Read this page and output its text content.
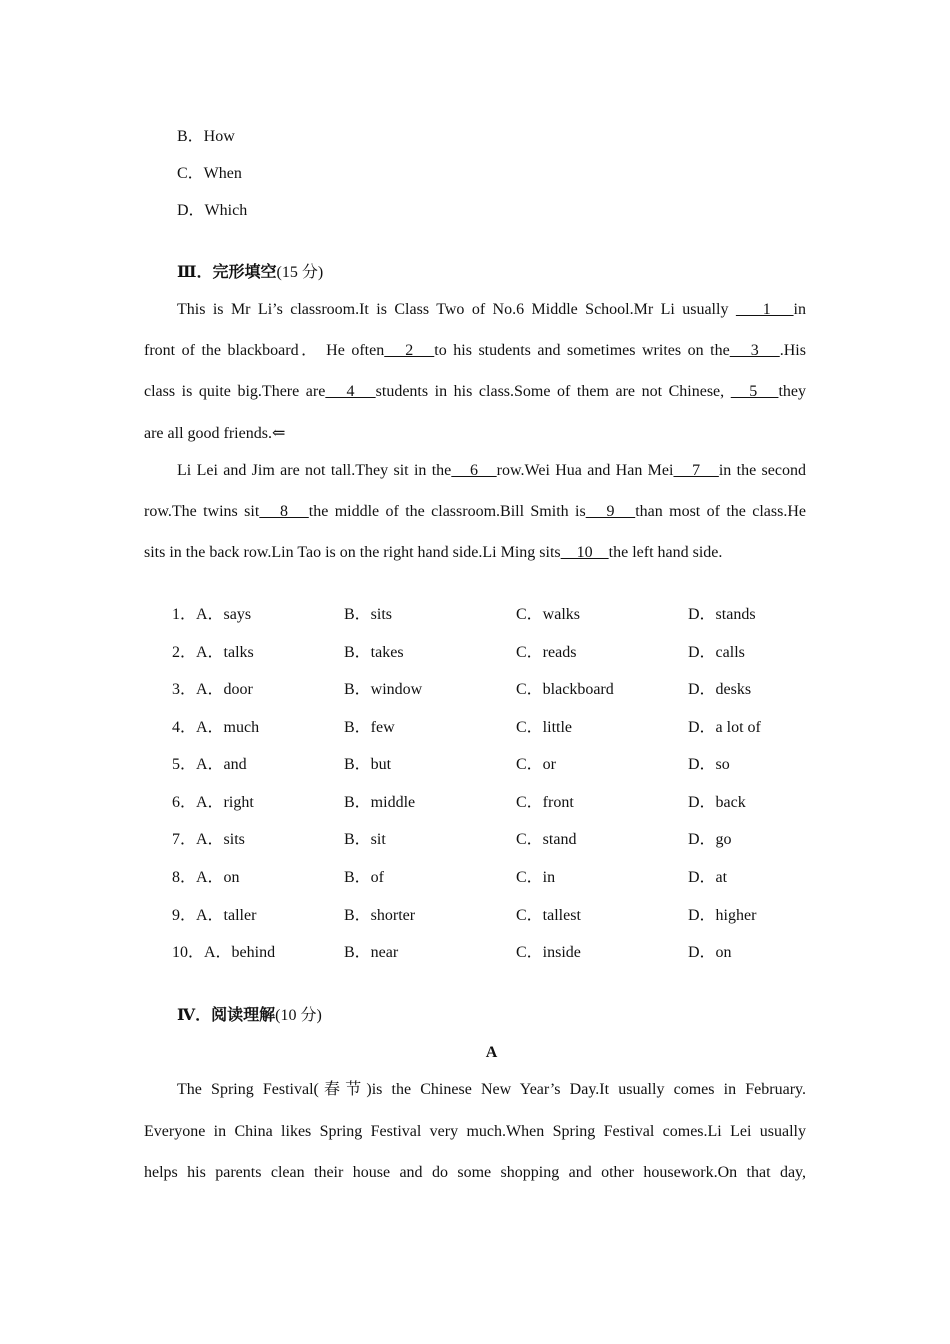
B．How
C．When
D．Which
Ⅲ．完形填空(15 分)
This is Mr Li’s classroom.It is Class Two of No.6 Middle School.Mr Li usually 　 1　in
front of the blackboard． He often　2　to his students and sometimes writes on the　3　.His
class is quite big.There are　4　students in his class.Some of them are not Chinese, 　5　they
are all good friends.⇐
Li Lei and Jim are not tall.They sit in the　6　row.Wei Hua and Han Mei　7　in the second
row.The twins sit　8　the middle of the classroom.Bill Smith is　9　than most of the class.He
sits in the back row.Lin Tao is on the right hand side.Li Ming sits　10　the left hand side.
1．A．says	B．sits	C．walks	D．stands
2．A．talks	B．takes	C．reads	D．calls
3．A．door	B．window	C．blackboard	D．desks
4．A．much	B．few	C．little	D．a lot of
5．A．and	B．but	C．or	D．so
6．A．right	B．middle	C．front	D．back
7．A．sits	B．sit	C．stand	D．go
8．A．on	B．of	C．in	D．at
9．A．taller	B．shorter	C．tallest	D．higher
10．A．behind	B．near	C．inside	D．on
Ⅳ．阅读理解(10 分)
A
The Spring Festival(春节)is the Chinese New Year’s Day.It usually comes in February.
Everyone in China likes Spring Festival very much.When Spring Festival comes.Li Lei usually
helps his parents clean their house and do some shopping and other housework.On that day,
